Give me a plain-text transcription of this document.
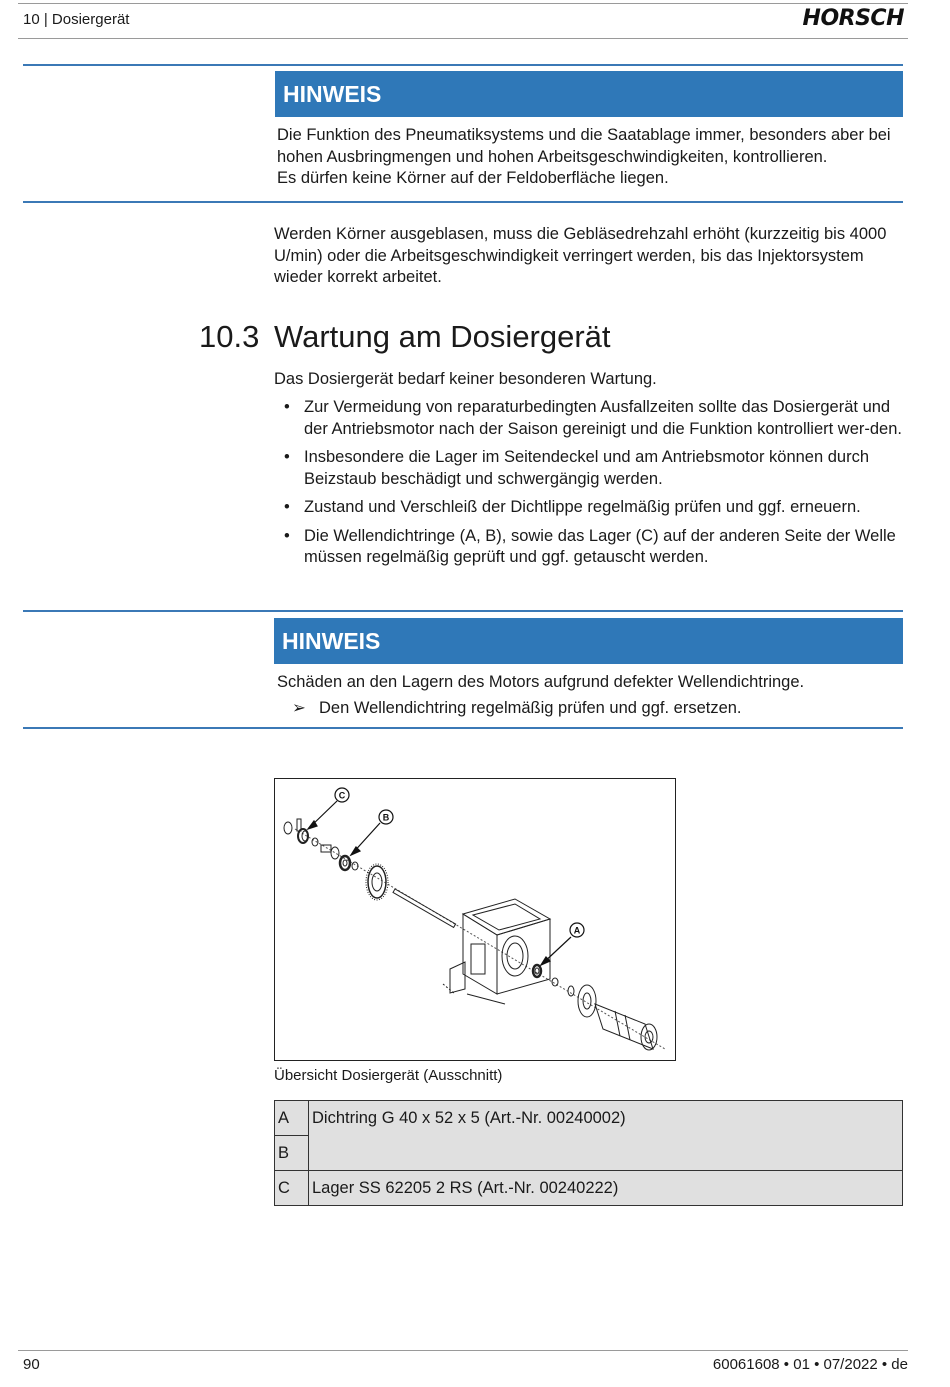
10 | Dosiergerät	HORSCH
HINWEIS
Die Funktion des Pneumatiksystems und die Saatablage immer, besonders aber bei
hohen Ausbringmengen und hohen Arbeitsgeschwindigkeiten, kontrollieren.
Es dürfen keine Körner auf der Feldoberfläche liegen.
Werden Körner ausgeblasen, muss die Gebläsedrehzahl erhöht (kurzzeitig bis 4000 U/min) oder die Arbeitsgeschwindigkeit verringert werden, bis das Injektorsystem wieder korrekt arbeitet.
10.3 Wartung am Dosiergerät
Das Dosiergerät bedarf keiner besonderen Wartung.
• Zur Vermeidung von reparaturbedingten Ausfallzeiten sollte das Dosiergerät und der Antriebsmotor nach der Saison gereinigt und die Funktion kontrolliert wer-den.
• Insbesondere die Lager im Seitendeckel und am Antriebsmotor können durch Beizstaub beschädigt und schwergängig werden.
• Zustand und Verschleiß der Dichtlippe regelmäßig prüfen und ggf. erneuern.
• Die Wellendichtringe (A, B), sowie das Lager (C) auf der anderen Seite der Welle müssen regelmäßig geprüft und ggf. getauscht werden.
HINWEIS
Schäden an den Lagern des Motors aufgrund defekter Wellendichtringe.
➢ Den Wellendichtring regelmäßig prüfen und ggf. ersetzen.
C
B
A
Übersicht Dosiergerät (Ausschnitt)
A	Dichtring G 40 x 52 x 5 (Art.-Nr. 00240002)
B	
C	Lager SS 62205 2 RS (Art.-Nr. 00240222)
90	60061608 • 01 • 07/2022 • de
